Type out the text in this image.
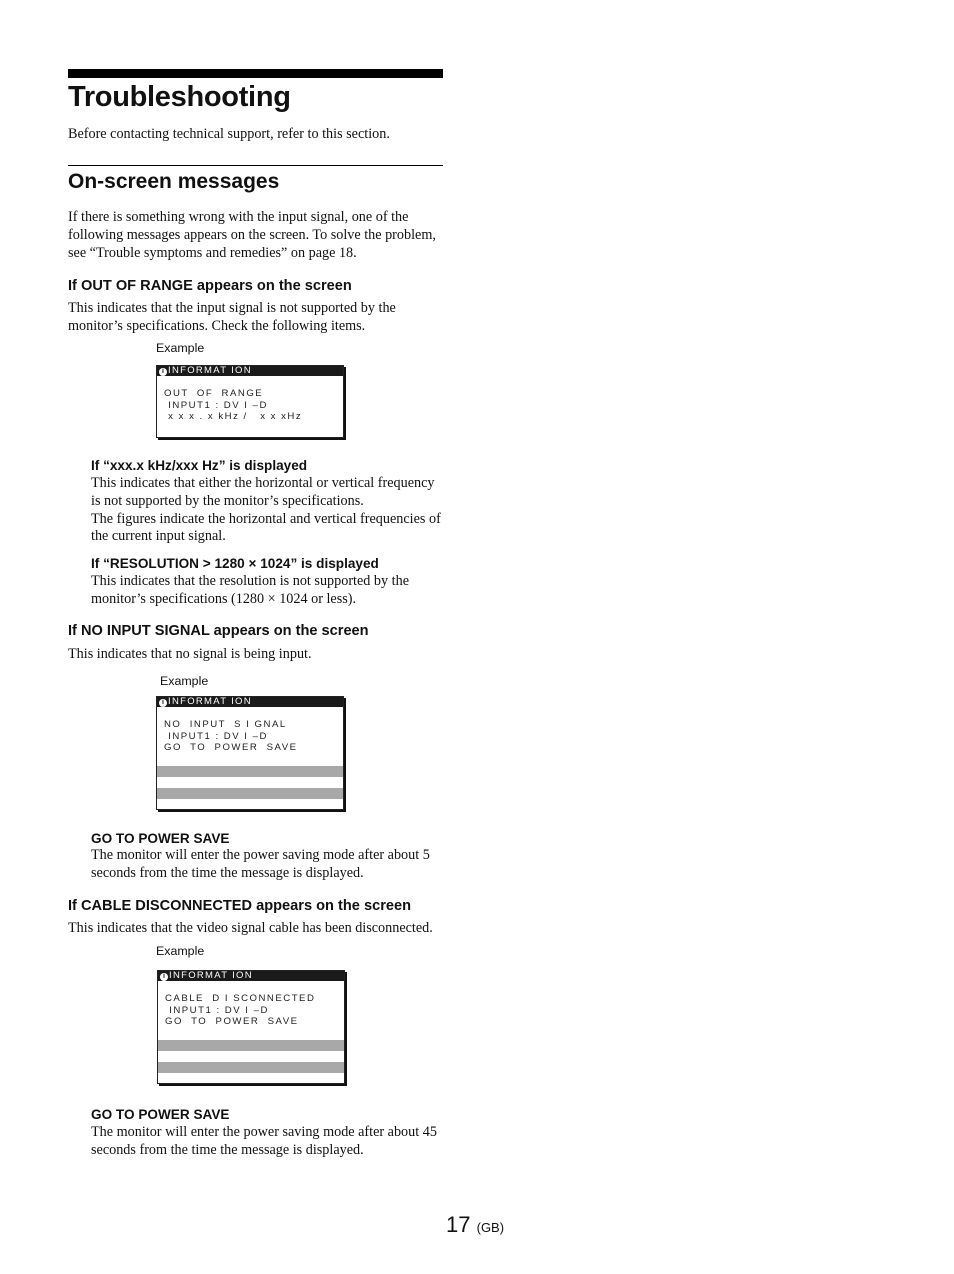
Troubleshooting
Before contacting technical support, refer to this section.
On-screen messages
If there is something wrong with the input signal, one of the
following messages appears on the screen. To solve the problem,
see “Trouble symptoms and remedies” on page 18.
If OUT OF RANGE appears on the screen
This indicates that the input signal is not supported by the
monitor’s specifications. Check the following items.
Example
i INFORMAT ION
OUT  OF  RANGE
INPUT1 : DV I –D
x x x . x kHz /   x x xHz
If “xxx.x kHz/xxx Hz” is displayed
This indicates that either the horizontal or vertical frequency
is not supported by the monitor’s specifications.
The figures indicate the horizontal and vertical frequencies of
the current input signal.
If “RESOLUTION > 1280 × 1024” is displayed
This indicates that the resolution is not supported by the
monitor’s specifications (1280 × 1024 or less).
If NO INPUT SIGNAL appears on the screen
This indicates that no signal is being input.
Example
i INFORMAT ION
NO  INPUT  S I GNAL
INPUT1 : DV I –D
GO  TO  POWER  SAVE
GO TO POWER SAVE
The monitor will enter the power saving mode after about 5
seconds from the time the message is displayed.
If CABLE DISCONNECTED appears on the screen
This indicates that the video signal cable has been disconnected.
Example
i INFORMAT ION
CABLE  D I SCONNECTED
INPUT1 : DV I –D
GO  TO  POWER  SAVE
GO TO POWER SAVE
The monitor will enter the power saving mode after about 45
seconds from the time the message is displayed.
17 (GB)
